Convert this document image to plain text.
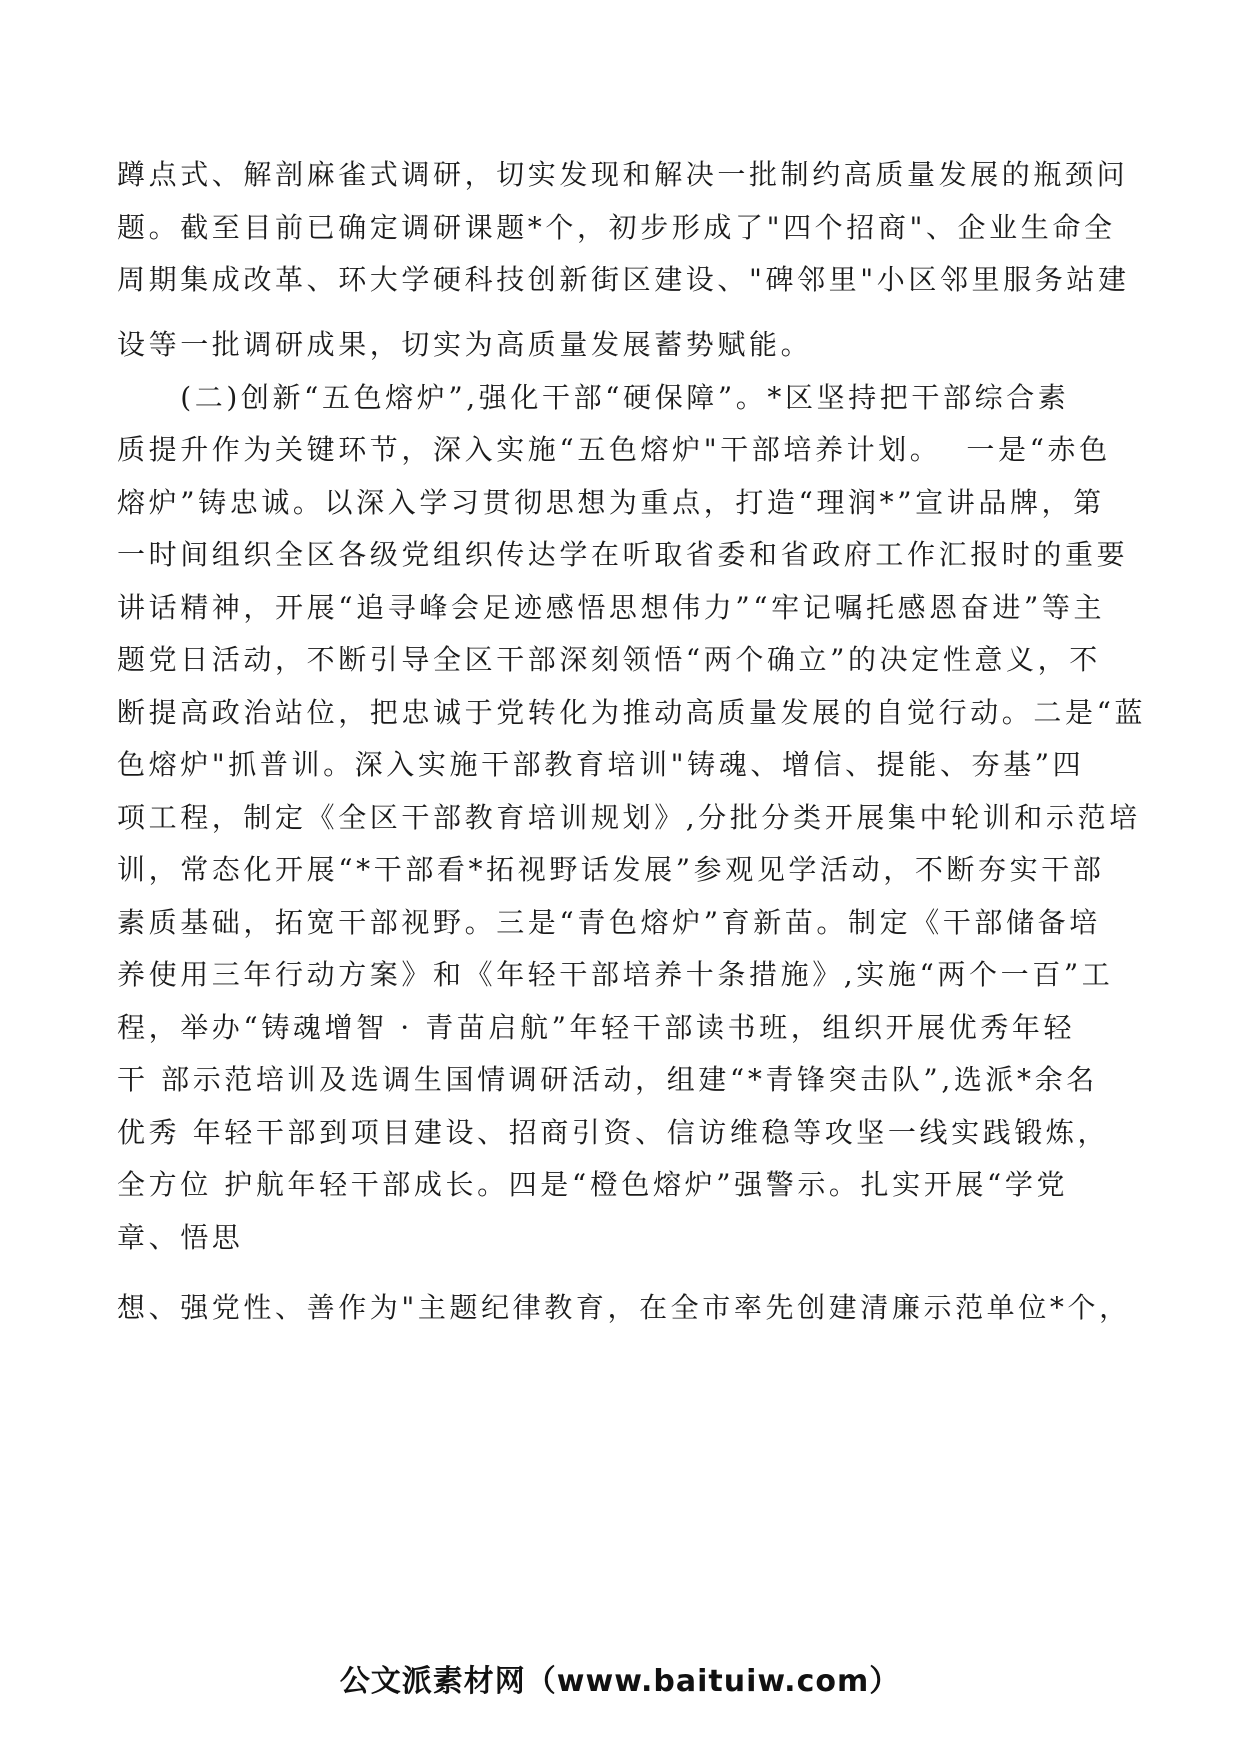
蹲点式、解剖麻雀式调研，切实发现和解决一批制约高质量发展的瓶颈问
题。截至目前已确定调研课题*个，初步形成了"四个招商"、企业生命全
周期集成改革、环大学硬科技创新街区建设、"碑邻里"小区邻里服务站建
设等一批调研成果，切实为高质量发展蓄势赋能。
　　(二)创新“五色熔炉”,强化干部“硬保障”。*区坚持把干部综合素
质提升作为关键环节，深入实施“五色熔炉"干部培养计划。  一是“赤色
熔炉”铸忠诚。以深入学习贯彻思想为重点，打造“理润*”宣讲品牌，第
一时间组织全区各级党组织传达学在听取省委和省政府工作汇报时的重要
讲话精神，开展“追寻峰会足迹感悟思想伟力”“牢记嘱托感恩奋进”等主
题党日活动，不断引导全区干部深刻领悟“两个确立”的决定性意义，不
断提高政治站位，把忠诚于党转化为推动高质量发展的自觉行动。二是“蓝
色熔炉"抓普训。深入实施干部教育培训"铸魂、增信、提能、夯基”四
项工程，制定《全区干部教育培训规划》,分批分类开展集中轮训和示范培
训，常态化开展“*干部看*拓视野话发展”参观见学活动，不断夯实干部
素质基础，拓宽干部视野。三是“青色熔炉”育新苗。制定《干部储备培
养使用三年行动方案》和《年轻干部培养十条措施》,实施“两个一百”工
程，举办“铸魂增智 · 青苗启航”年轻干部读书班，组织开展优秀年轻
干 部示范培训及选调生国情调研活动，组建“*青锋突击队”,选派*余名
优秀 年轻干部到项目建设、招商引资、信访维稳等攻坚一线实践锻炼，
全方位 护航年轻干部成长。四是“橙色熔炉”强警示。扎实开展“学党
章、悟思
想、强党性、善作为"主题纪律教育，在全市率先创建清廉示范单位*个，
公文派素材网（www.baituiw.com）
